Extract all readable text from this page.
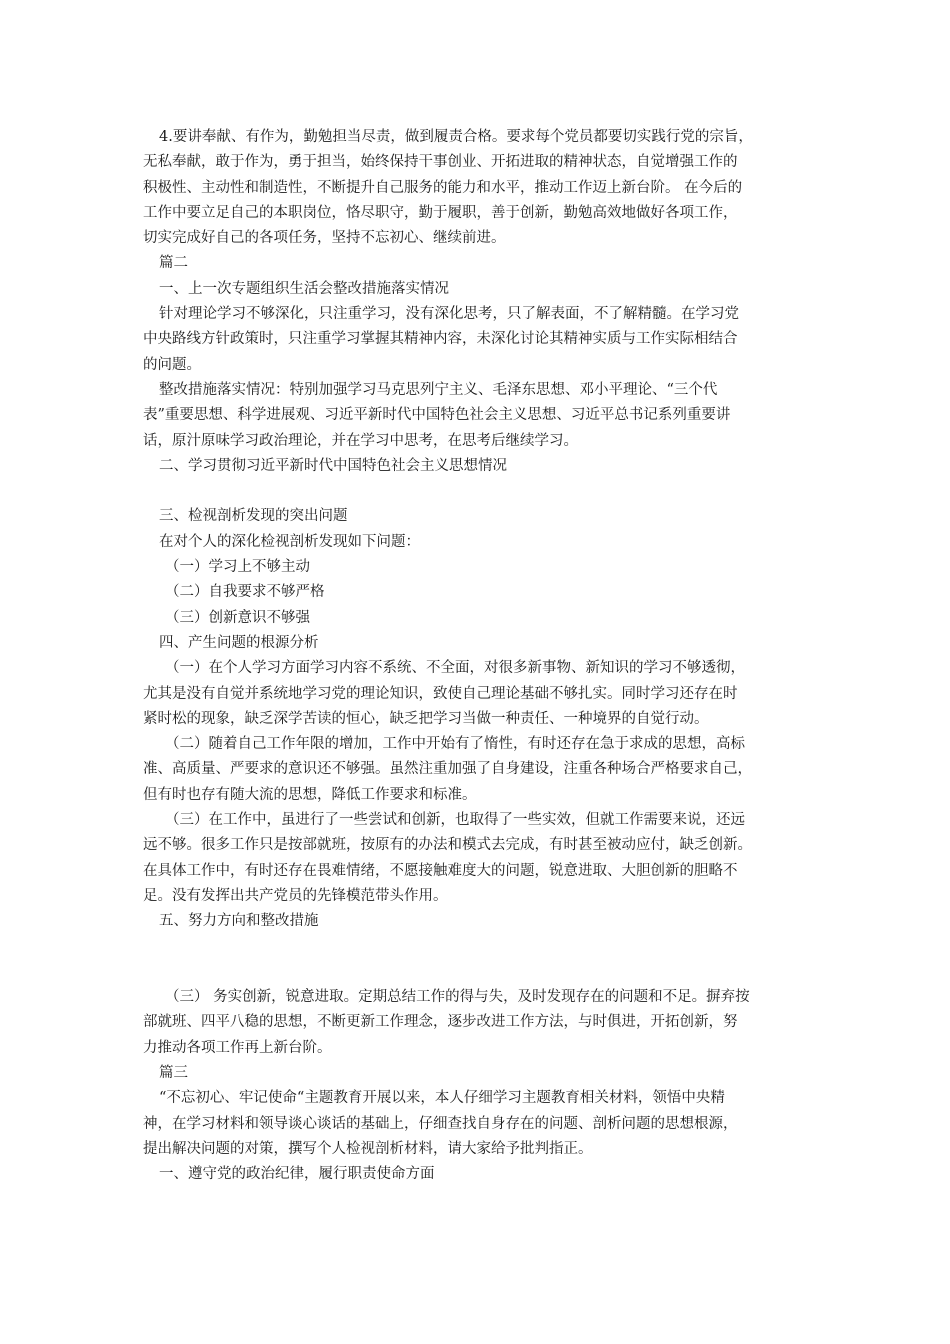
4.要讲奉献、有作为，勤勉担当尽责，做到履责合格。要求每个党员都要切实践行党的宗旨，

无私奉献，敢于作为，勇于担当，始终保持干事创业、开拓进取的精神状态，自觉增强工作的

积极性、主动性和制造性，不断提升自己服务的能力和水平，推动工作迈上新台阶。 在今后的

工作中要立足自己的本职岗位，恪尽职守，勤于履职，善于创新，勤勉高效地做好各项工作，

切实完成好自己的各项任务，坚持不忘初心、继续前进。

篇二

一、上一次专题组织生活会整改措施落实情况

针对理论学习不够深化，只注重学习，没有深化思考，只了解表面，不了解精髓。在学习党

中央路线方针政策时，只注重学习掌握其精神内容，未深化讨论其精神实质与工作实际相结合

的问题。

整改措施落实情况：特别加强学习马克思列宁主义、毛泽东思想、邓小平理论、“三个代

表”重要思想、科学进展观、习近平新时代中国特色社会主义思想、习近平总书记系列重要讲

话，原汁原味学习政治理论，并在学习中思考，在思考后继续学习。

二、学习贯彻习近平新时代中国特色社会主义思想情况

三、检视剖析发现的突出问题

在对个人的深化检视剖析发现如下问题：

（一）学习上不够主动

（二）自我要求不够严格

（三）创新意识不够强

四、产生问题的根源分析

（一）在个人学习方面学习内容不系统、不全面，对很多新事物、新知识的学习不够透彻，

尤其是没有自觉并系统地学习党的理论知识，致使自己理论基础不够扎实。同时学习还存在时

紧时松的现象，缺乏深学苦读的恒心，缺乏把学习当做一种责任、一种境界的自觉行动。

（二）随着自己工作年限的增加，工作中开始有了惰性，有时还存在急于求成的思想，高标

准、高质量、严要求的意识还不够强。虽然注重加强了自身建设，注重各种场合严格要求自己，

但有时也存有随大流的思想，降低工作要求和标准。

（三）在工作中，虽进行了一些尝试和创新，也取得了一些实效，但就工作需要来说，还远

远不够。很多工作只是按部就班，按原有的办法和模式去完成，有时甚至被动应付，缺乏创新。

在具体工作中，有时还存在畏难情绪，不愿接触难度大的问题，锐意进取、大胆创新的胆略不

足。没有发挥出共产党员的先锋模范带头作用。

五、努力方向和整改措施

（三） 务实创新，锐意进取。定期总结工作的得与失，及时发现存在的问题和不足。摒弃按

部就班、四平八稳的思想，不断更新工作理念，逐步改进工作方法，与时俱进，开拓创新，努

力推动各项工作再上新台阶。

篇三

“不忘初心、牢记使命“主题教育开展以来，本人仔细学习主题教育相关材料，领悟中央精

神，在学习材料和领导谈心谈话的基础上，仔细查找自身存在的问题、剖析问题的思想根源，

提出解决问题的对策，撰写个人检视剖析材料，请大家给予批判指正。

一、遵守党的政治纪律，履行职责使命方面
